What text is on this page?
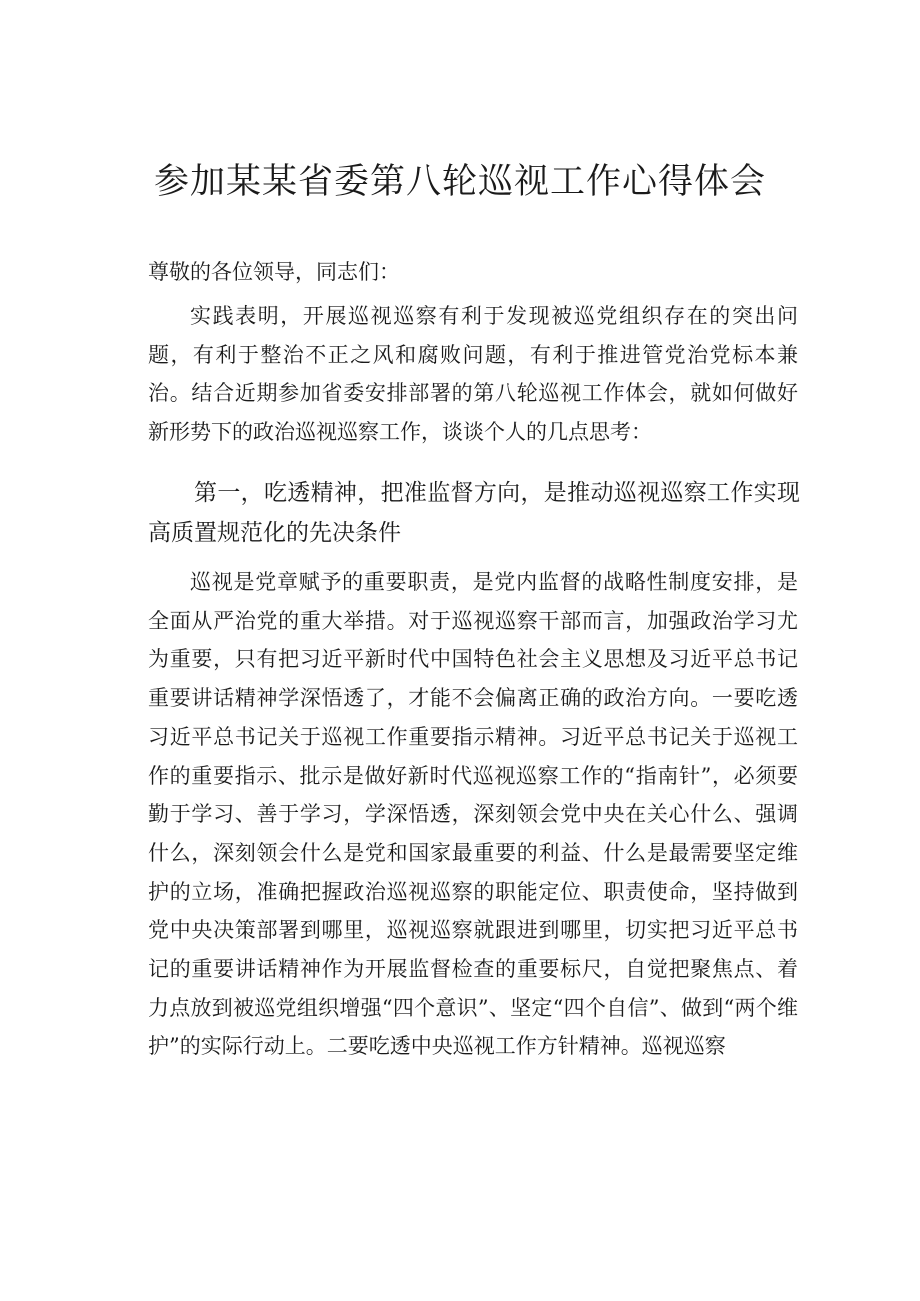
参加某某省委第八轮巡视工作心得体会

尊敬的各位领导，同志们：

实践表明，开展巡视巡察有利于发现被巡党组织存在的突出问题，有利于整治不正之风和腐败问题，有利于推进管党治党标本兼治。结合近期参加省委安排部署的第八轮巡视工作体会，就如何做好新形势下的政治巡视巡察工作，谈谈个人的几点思考：

第一，吃透精神，把准监督方向，是推动巡视巡察工作实现高质置规范化的先决条件

巡视是党章赋予的重要职责，是党内监督的战略性制度安排，是全面从严治党的重大举措。对于巡视巡察干部而言，加强政治学习尤为重要，只有把习近平新时代中国特色社会主义思想及习近平总书记重要讲话精神学深悟透了，才能不会偏离正确的政治方向。一要吃透习近平总书记关于巡视工作重要指示精神。习近平总书记关于巡视工作的重要指示、批示是做好新时代巡视巡察工作的“指南针”，必须要勤于学习、善于学习，学深悟透，深刻领会党中央在关心什么、强调什么，深刻领会什么是党和国家最重要的利益、什么是最需要坚定维护的立场，准确把握政治巡视巡察的职能定位、职责使命，坚持做到党中央决策部署到哪里，巡视巡察就跟进到哪里，切实把习近平总书记的重要讲话精神作为开展监督检查的重要标尺，自觉把聚焦点、着力点放到被巡党组织增强“四个意识”、坚定“四个自信”、做到“两个维护”的实际行动上。二要吃透中央巡视工作方针精神。巡视巡察
